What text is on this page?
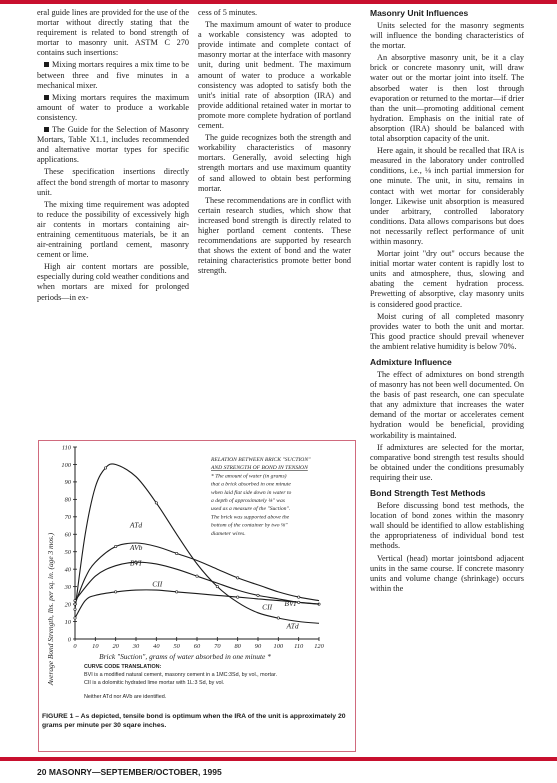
eral guide lines are provided for the use of the mortar without directly stating that the requirement is related to bond strength of mortar to masonry unit. ASTM C 270 contains such insertions:

Mixing mortars requires a mix time to be between three and five minutes in a mechanical mixer.

Mixing mortars requires the maximum amount of water to produce a workable consistency.

The Guide for the Selection of Masonry Mortars, Table X1.1, includes recommended and alternative mortar types for specific applications.

These specification insertions directly affect the bond strength of mortar to masonry unit.

The mixing time requirement was adopted to reduce the possibility of excessively high air contents in mortars containing air-entraining cementituous materials, be it an air-entraining portland cement, masonry cement or lime.

High air content mortars are possible, especially during cold weather conditions and when mortars are mixed for prolonged periods—in ex-

cess of 5 minutes.

The maximum amount of water to produce a workable consistency was adopted to provide intimate and complete contact of masonry mortar at the interface with masonry unit, during unit bedment. The maximum amount of water to produce a workable consistency was adopted to satisfy both the unit's initial rate of absorption (IRA) and provide additional retained water in mortar to promote more complete hydration of portland cement.

The guide recognizes both the strength and workability characteristics of masonry mortars. Generally, avoid selecting high strength mortars and use maximum quantity of sand allowed to obtain best performing mortar.

These recommendations are in conflict with certain research studies, which show that increased bond strength is directly related to higher portland cement contents. These recommendations are supported by research that shows the extent of bond and the water retaining characteristics promote better bond strength.

Masonry Unit Influences

Units selected for the masonry segments will influence the bonding characteristics of the mortar.

An absorptive masonry unit, be it a clay brick or concrete masonry unit, will draw water out or the mortar joint into itself. The absorbed water is then lost through evaporation or returned to the mortar—if drier than the unit—promoting additional cement hydration. Emphasis on the initial rate of absorption (IRA) should be balanced with total absorption capacity of the unit.

Here again, it should be recalled that IRA is measured in the laboratory under controlled conditions, i.e., ⅛ inch partial immersion for one minute. The unit, in situ, remains in contact with wet mortar for considerably longer. Likewise unit absorption is measured under arbitrary, controlled laboratory conditions. Data allows comparisons but does not necessarily reflect performance of unit within masonry.

Mortar joint "dry out" occurs because the initial mortar water content is rapidly lost to units and atmosphere, thus, slowing and abating the cement hydration process. Prewetting of absorptive, clay masonry units is considered good practice.

Moist curing of all completed masonry provides water to both the unit and mortar. This good practice should prevail whenever the ambient relative humidity is below 70%.

Admixture Influence

The effect of admixtures on bond strength of masonry has not been well documented. On the basis of past research, one can speculate that any admixture that increases the water demand of the mortar or accelerates cement hydration would be beneficial, providing workability is maintained.

If admixtures are selected for the mortar, comparative bond strength test results should be obtained under the conditions presumably requiring their use.

Bond Strength Test Methods

Before discussing bond test methods, the location of bond zones within the masonry wall should be identified to allow establishing the appropriateness of individual bond test methods.

Vertical (head) mortar jointsbond adjacent units in the same course. If concrete masonry units and volume change (shrinkage) occurs within the

0
10
20
30
40
50
60
70
80
90
100
110
0 10 20 30 40 50 60 70 80 90 100 110 120
ATd
ATd
AVb
BVI
BVI
CII
CII
Average Bond Strength, lbs. per sq. in. (age 3 mos.)	Brick "Suction", grams of water absorbed in one minute *
RELATION BETWEEN BRICK "SUCTION"
AND STRENGTH OF BOND IN TENSION
* The amount of water (in grams)
that a brick absorbed in one minute
when laid flat side down in water to
a depth of approximately ⅛" was
used as a measure of the "Suction".
The brick was supported above the
bottom of the container by two ⅛"
diameter wires.
CURVE CODE TRANSLATION:
BVI is a modified natural cement, masonry cement in a 1MC:3Sd, by vol., mortar.
CII is a dolomitic hydrated lime mortar with 1L:3 Sd, by vol.
Neither ATd nor AVb are identified.
FIGURE 1 – As depicted, tensile bond is optimum when the IRA of the unit is approximately 20 grams per minute per 30 sqare inches.
20 MASONRY—SEPTEMBER/OCTOBER, 1995
